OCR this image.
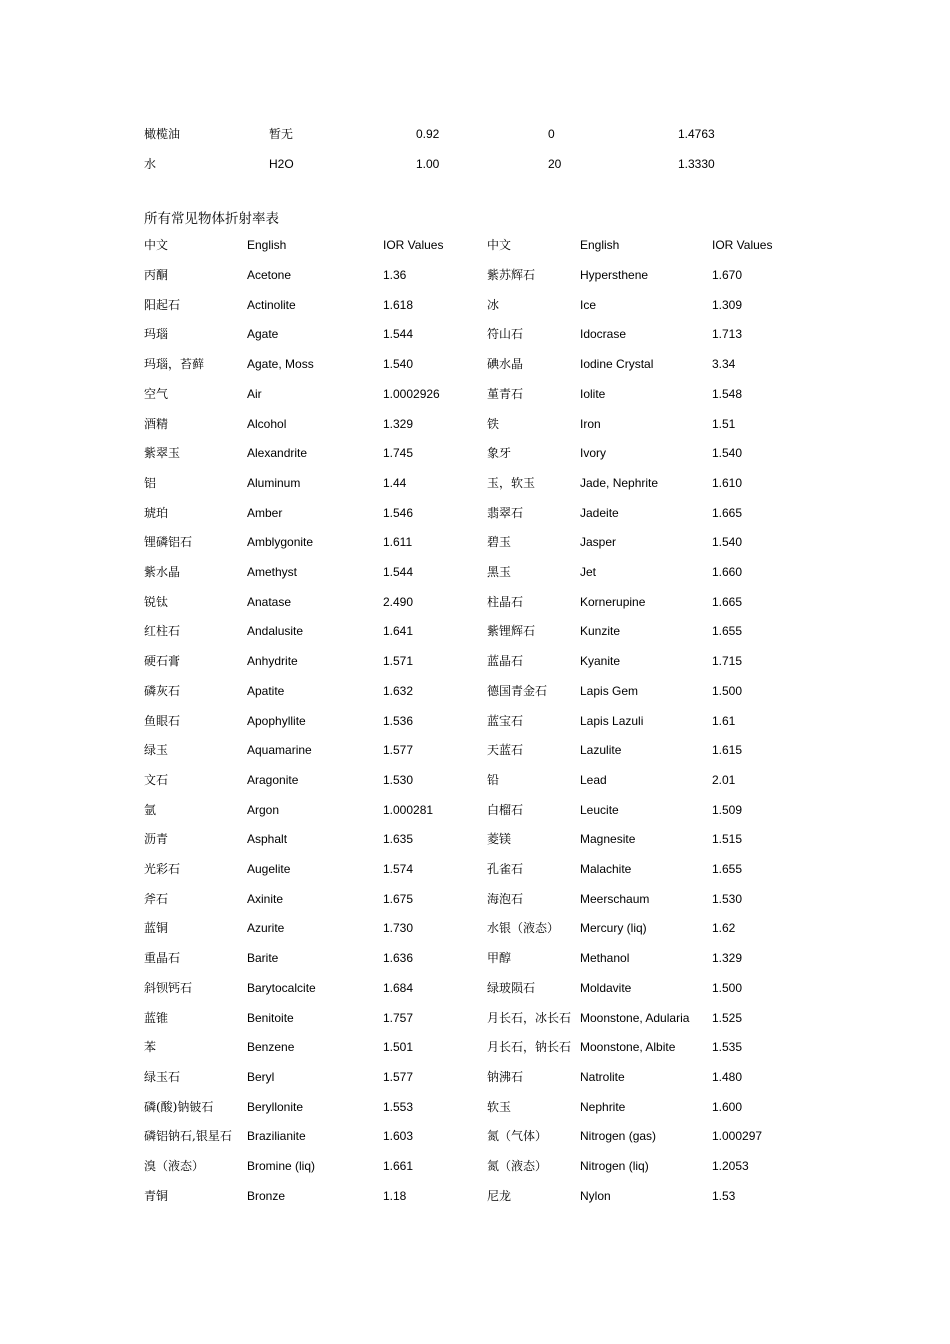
橄榄油	暂无	0.92	0	1.4763
水	H2O	1.00	20	1.3330
所有常见物体折射率表
中文	English	IOR Values	中文	English	IOR Values
丙酮	Acetone	1.36	紫苏辉石	Hypersthene	1.670
阳起石	Actinolite	1.618	冰	Ice	1.309
玛瑙	Agate	1.544	符山石	Idocrase	1.713
玛瑙，苔藓	Agate, Moss	1.540	碘水晶	Iodine Crystal	3.34
空气	Air	1.0002926	堇青石	Iolite	1.548
酒精	Alcohol	1.329	铁	Iron	1.51
紫翠玉	Alexandrite	1.745	象牙	Ivory	1.540
铝	Aluminum	1.44	玉，软玉	Jade, Nephrite	1.610
琥珀	Amber	1.546	翡翠石	Jadeite	1.665
锂磷铝石	Amblygonite	1.611	碧玉	Jasper	1.540
紫水晶	Amethyst	1.544	黑玉	Jet	1.660
锐钛	Anatase	2.490	柱晶石	Kornerupine	1.665
红柱石	Andalusite	1.641	紫锂辉石	Kunzite	1.655
硬石膏	Anhydrite	1.571	蓝晶石	Kyanite	1.715
磷灰石	Apatite	1.632	德国青金石	Lapis Gem	1.500
鱼眼石	Apophyllite	1.536	蓝宝石	Lapis Lazuli	1.61
绿玉	Aquamarine	1.577	天蓝石	Lazulite	1.615
文石	Aragonite	1.530	铅	Lead	2.01
氩	Argon	1.000281	白榴石	Leucite	1.509
沥青	Asphalt	1.635	菱镁	Magnesite	1.515
光彩石	Augelite	1.574	孔雀石	Malachite	1.655
斧石	Axinite	1.675	海泡石	Meerschaum	1.530
蓝铜	Azurite	1.730	水银（液态） Mercury (liq)	1.62
重晶石	Barite	1.636	甲醇	Methanol	1.329
斜钡钙石	Barytocalcite	1.684	绿玻陨石	Moldavite	1.500
蓝锥	Benitoite	1.757	月长石，冰长石 Moonstone, Adularia 1.525
苯	Benzene	1.501	月长石，钠长石 Moonstone, Albite	1.535
绿玉石	Beryl	1.577	钠沸石	Natrolite	1.480
磷(酸)钠铍石	Beryllonite	1.553	软玉	Nephrite	1.600
磷铝钠石,银星石 Brazilianite	1.603	氮（气体）	Nitrogen (gas)	1.000297
溴（液态）	Bromine (liq)	1.661	氮（液态）	Nitrogen (liq)	1.2053
青铜	Bronze	1.18	尼龙	Nylon	1.53
